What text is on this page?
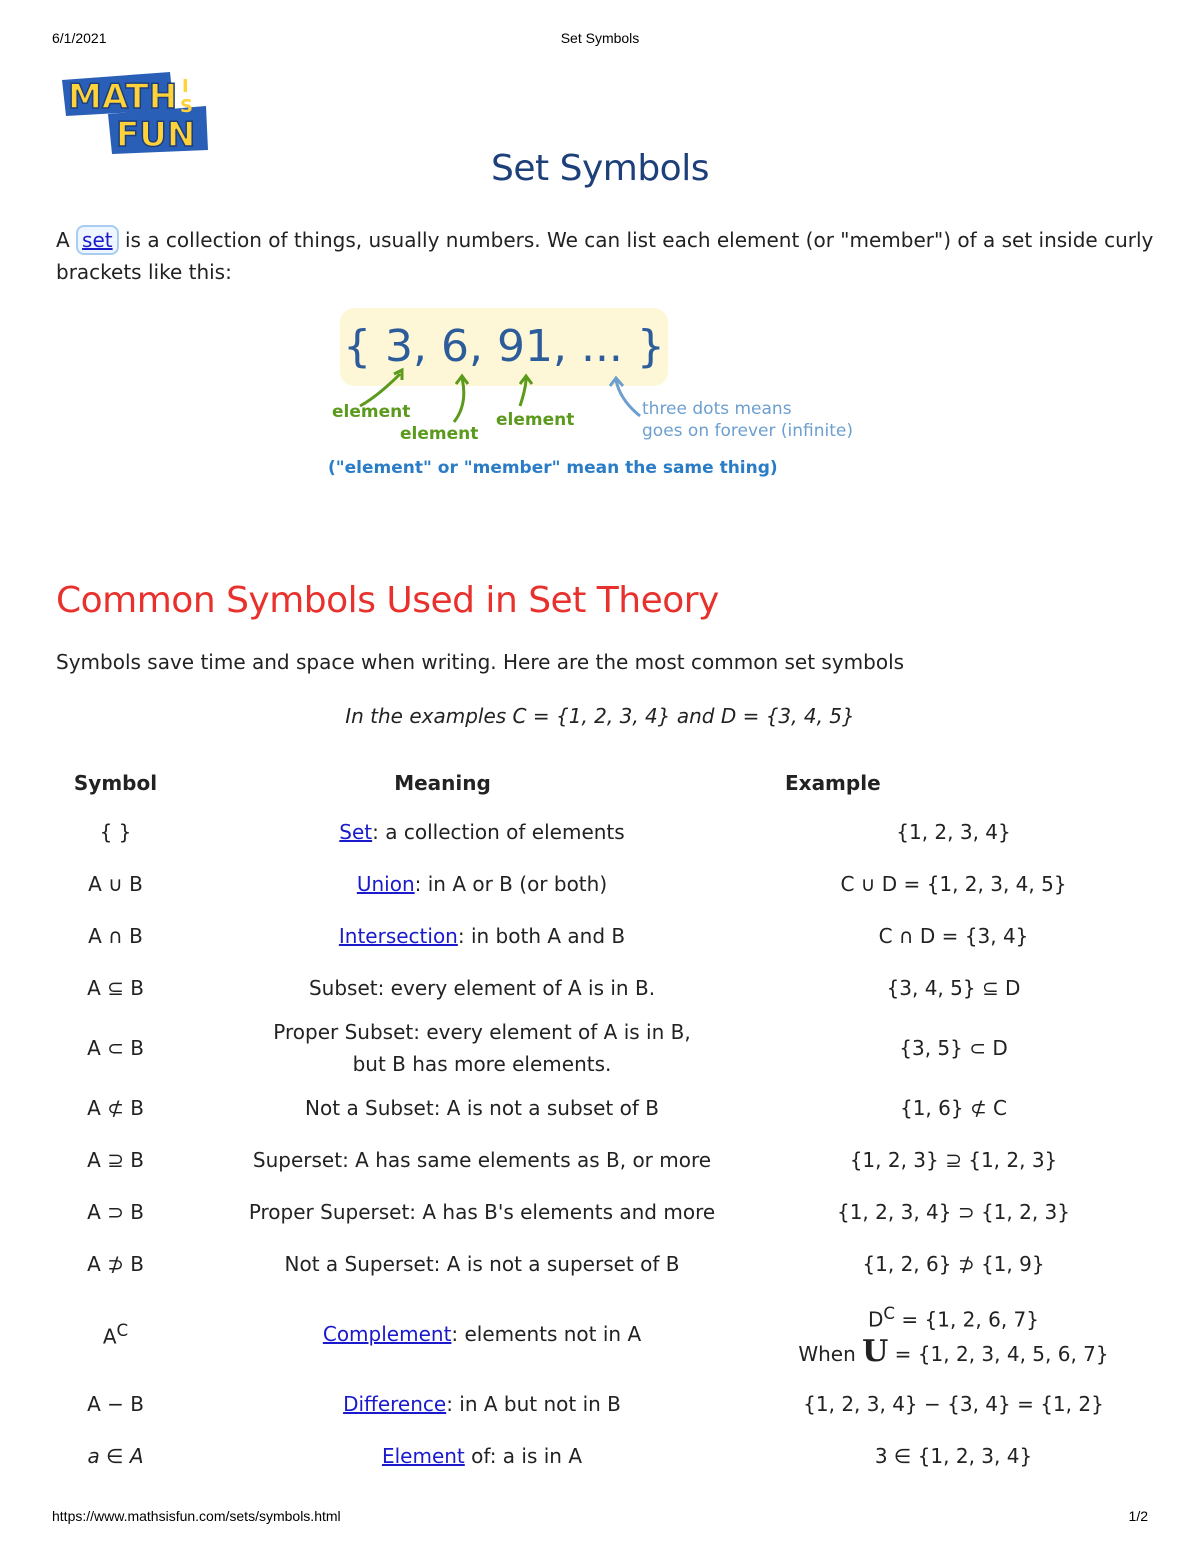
6/1/2021	Set Symbols
MATH
FUN
I
S
Set Symbols
A set is a collection of things, usually numbers. We can list each element (or "member") of a set inside curly brackets like this:
{ 3, 6, 91, ... }
element
element
element
three dots means
goes on forever (infinite)
("element" or "member" mean the same thing)
Common Symbols Used in Set Theory
Symbols save time and space when writing. Here are the most common set symbols
In the examples C = {1, 2, 3, 4} and D = {3, 4, 5}
Symbol	Meaning	Example
{ }	Set: a collection of elements	{1, 2, 3, 4}
A ∪ B	Union: in A or B (or both)	C ∪ D = {1, 2, 3, 4, 5}
A ∩ B	Intersection: in both A and B	C ∩ D = {3, 4}
A ⊆ B	Subset: every element of A is in B.	{3, 4, 5} ⊆ D
A ⊂ B	Proper Subset: every element of A is in B,
but B has more elements.	{3, 5} ⊂ D
A ⊄ B	Not a Subset: A is not a subset of B	{1, 6} ⊄ C
A ⊇ B	Superset: A has same elements as B, or more	{1, 2, 3} ⊇ {1, 2, 3}
A ⊃ B	Proper Superset: A has B's elements and more	{1, 2, 3, 4} ⊃ {1, 2, 3}
A ⊅ B	Not a Superset: A is not a superset of B	{1, 2, 6} ⊅ {1, 9}
$A^C$	Complement: elements not in A	$D^C = \{1$, 2, 6, 7}
When U = {1, 2, 3, 4, 5, 6, 7}

A − B	Difference: in A but not in B	{1, 2, 3, 4} − {3, 4} = {1, 2}
a ∈ A	Element of: a is in A	3 ∈ {1, 2, 3, 4}
https://www.mathsisfun.com/sets/symbols.html	1/2
